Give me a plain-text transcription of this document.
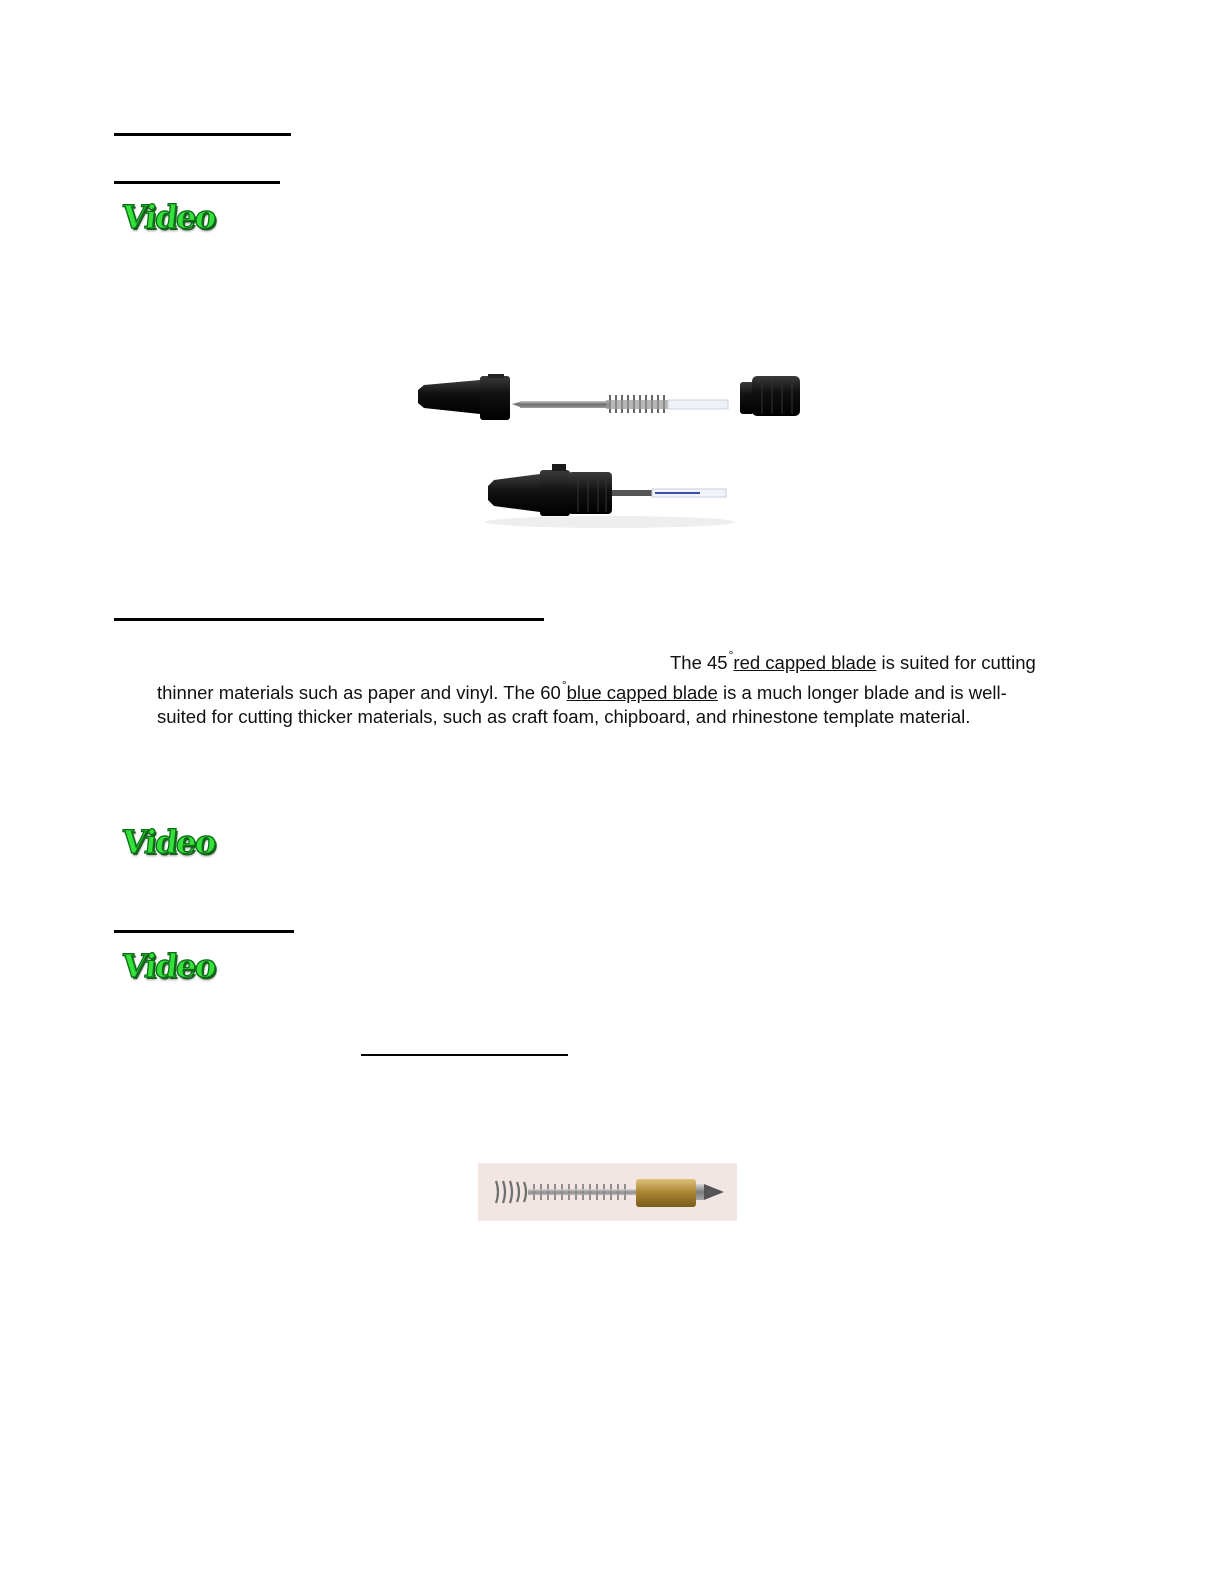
Video
The 45°red capped blade is suited for cutting
thinner materials such as paper and vinyl. The 60°blue capped blade is a much longer blade and is well-
suited for cutting thicker materials, such as craft foam, chipboard, and rhinestone template material.
Video
Video
